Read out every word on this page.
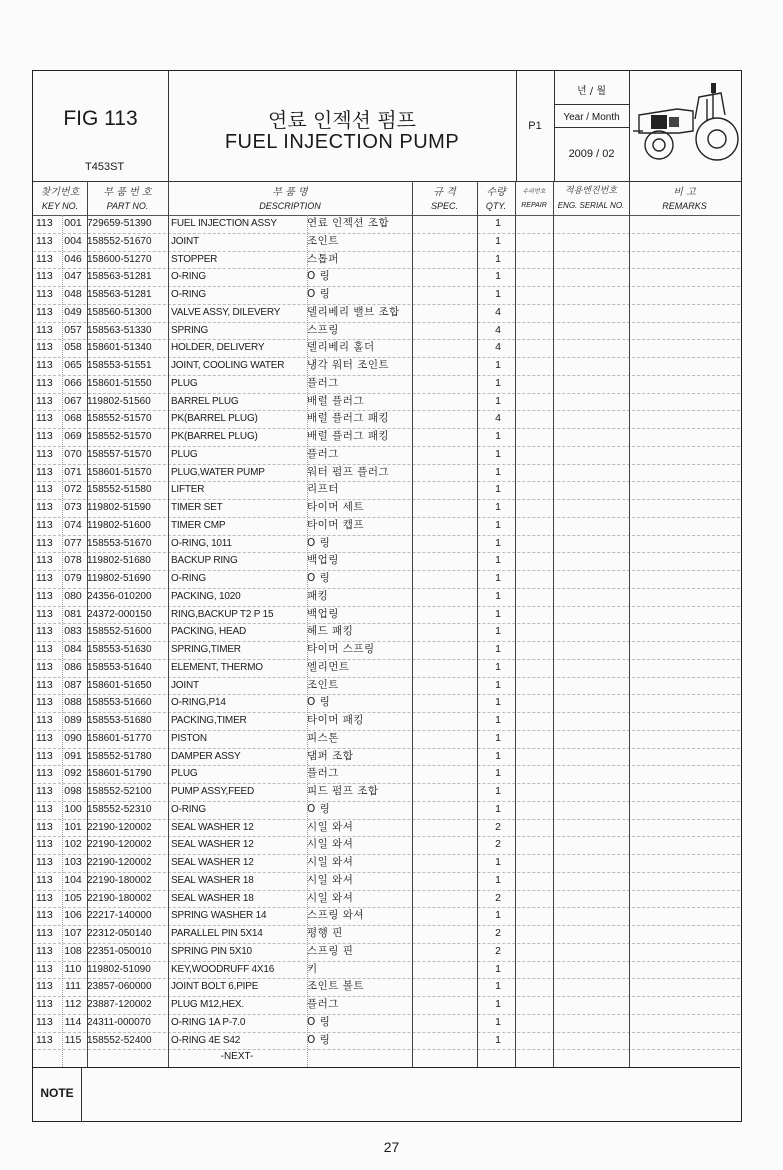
FIG 113
T453ST
연료 인젝션 펌프
FUEL INJECTION PUMP
P1
년 / 월
Year / Month
2009 / 02
찾기번호
KEY NO.
부 품 번 호
PART NO.
부 품 명
DESCRIPTION
규 격
SPEC.
수량
QTY.
수리번호
REPAIR
적용엔진번호
ENG. SERIAL NO.
비 고
REMARKS
113	001 729659-51390	FUEL INJECTION ASSY	연료 인젝션 조합	1
113	004 158552-51670	JOINT	조인트	1
113	046 158600-51270	STOPPER	스톱퍼	1
113	047 158563-51281	O-RING	O 링	1
113	048 158563-51281	O-RING	O 링	1
113	049 158560-51300	VALVE ASSY, DILEVERY	델리베리 밸브 조합	4
113	057 158563-51330	SPRING	스프링	4
113	058 158601-51340	HOLDER, DELIVERY	델리베리 홀더	4
113	065 158553-51551	JOINT, COOLING WATER	냉각 워터 조인트	1
113	066 158601-51550	PLUG	플러그	1
113	067 119802-51560	BARREL PLUG	배럴 플러그	1
113	068 158552-51570	PK(BARREL PLUG)	배럴 플러그 패킹	4
113	069 158552-51570	PK(BARREL PLUG)	배럴 플러그 패킹	1
113	070 158557-51570	PLUG	플러그	1
113	071 158601-51570	PLUG,WATER PUMP	워터 펌프 플러그	1
113	072 158552-51580	LIFTER	리프터	1
113	073 119802-51590	TIMER SET	타이머 세트	1
113	074 119802-51600	TIMER CMP	타이머 캡프	1
113	077 158553-51670	O-RING, 1011	O 링	1
113	078 119802-51680	BACKUP RING	백업링	1
113	079 119802-51690	O-RING	O 링	1
113	080 24356-010200	PACKING, 1020	패킹	1
113	081 24372-000150	RING,BACKUP T2 P 15	백업링	1
113	083 158552-51600	PACKING, HEAD	헤드 패킹	1
113	084 158553-51630	SPRING,TIMER	타이머 스프링	1
113	086 158553-51640	ELEMENT, THERMO	엘리먼트	1
113	087 158601-51650	JOINT	조인트	1
113	088 158553-51660	O-RING,P14	O 링	1
113	089 158553-51680	PACKING,TIMER	타이머 패킹	1
113	090 158601-51770	PISTON	피스톤	1
113	091 158552-51780	DAMPER ASSY	댐퍼 조합	1
113	092 158601-51790	PLUG	플러그	1
113	098 158552-52100	PUMP ASSY,FEED	피드 펌프 조합	1
113	100 158552-52310	O-RING	O 링	1
113	101 22190-120002	SEAL WASHER 12	시일 와셔	2
113	102 22190-120002	SEAL WASHER 12	시일 와셔	2
113	103 22190-120002	SEAL WASHER 12	시일 와셔	1
113	104 22190-180002	SEAL WASHER 18	시일 와셔	1
113	105 22190-180002	SEAL WASHER 18	시일 와셔	2
113	106 22217-140000	SPRING WASHER 14	스프링 와셔	1
113	107 22312-050140	PARALLEL PIN 5X14	평행 핀	2
113	108 22351-050010	SPRING PIN 5X10	스프링 핀	2
113	110 119802-51090	KEY,WOODRUFF 4X16	키	1
113	111 23857-060000	JOINT BOLT 6,PIPE	조인트 볼트	1
113	112 23887-120002	PLUG M12,HEX.	플러그	1
113	114 24311-000070	O-RING 1A P-7.0	O 링	1
113	115 158552-52400	O-RING 4E S42	O 링	1
-NEXT-
NOTE
27
